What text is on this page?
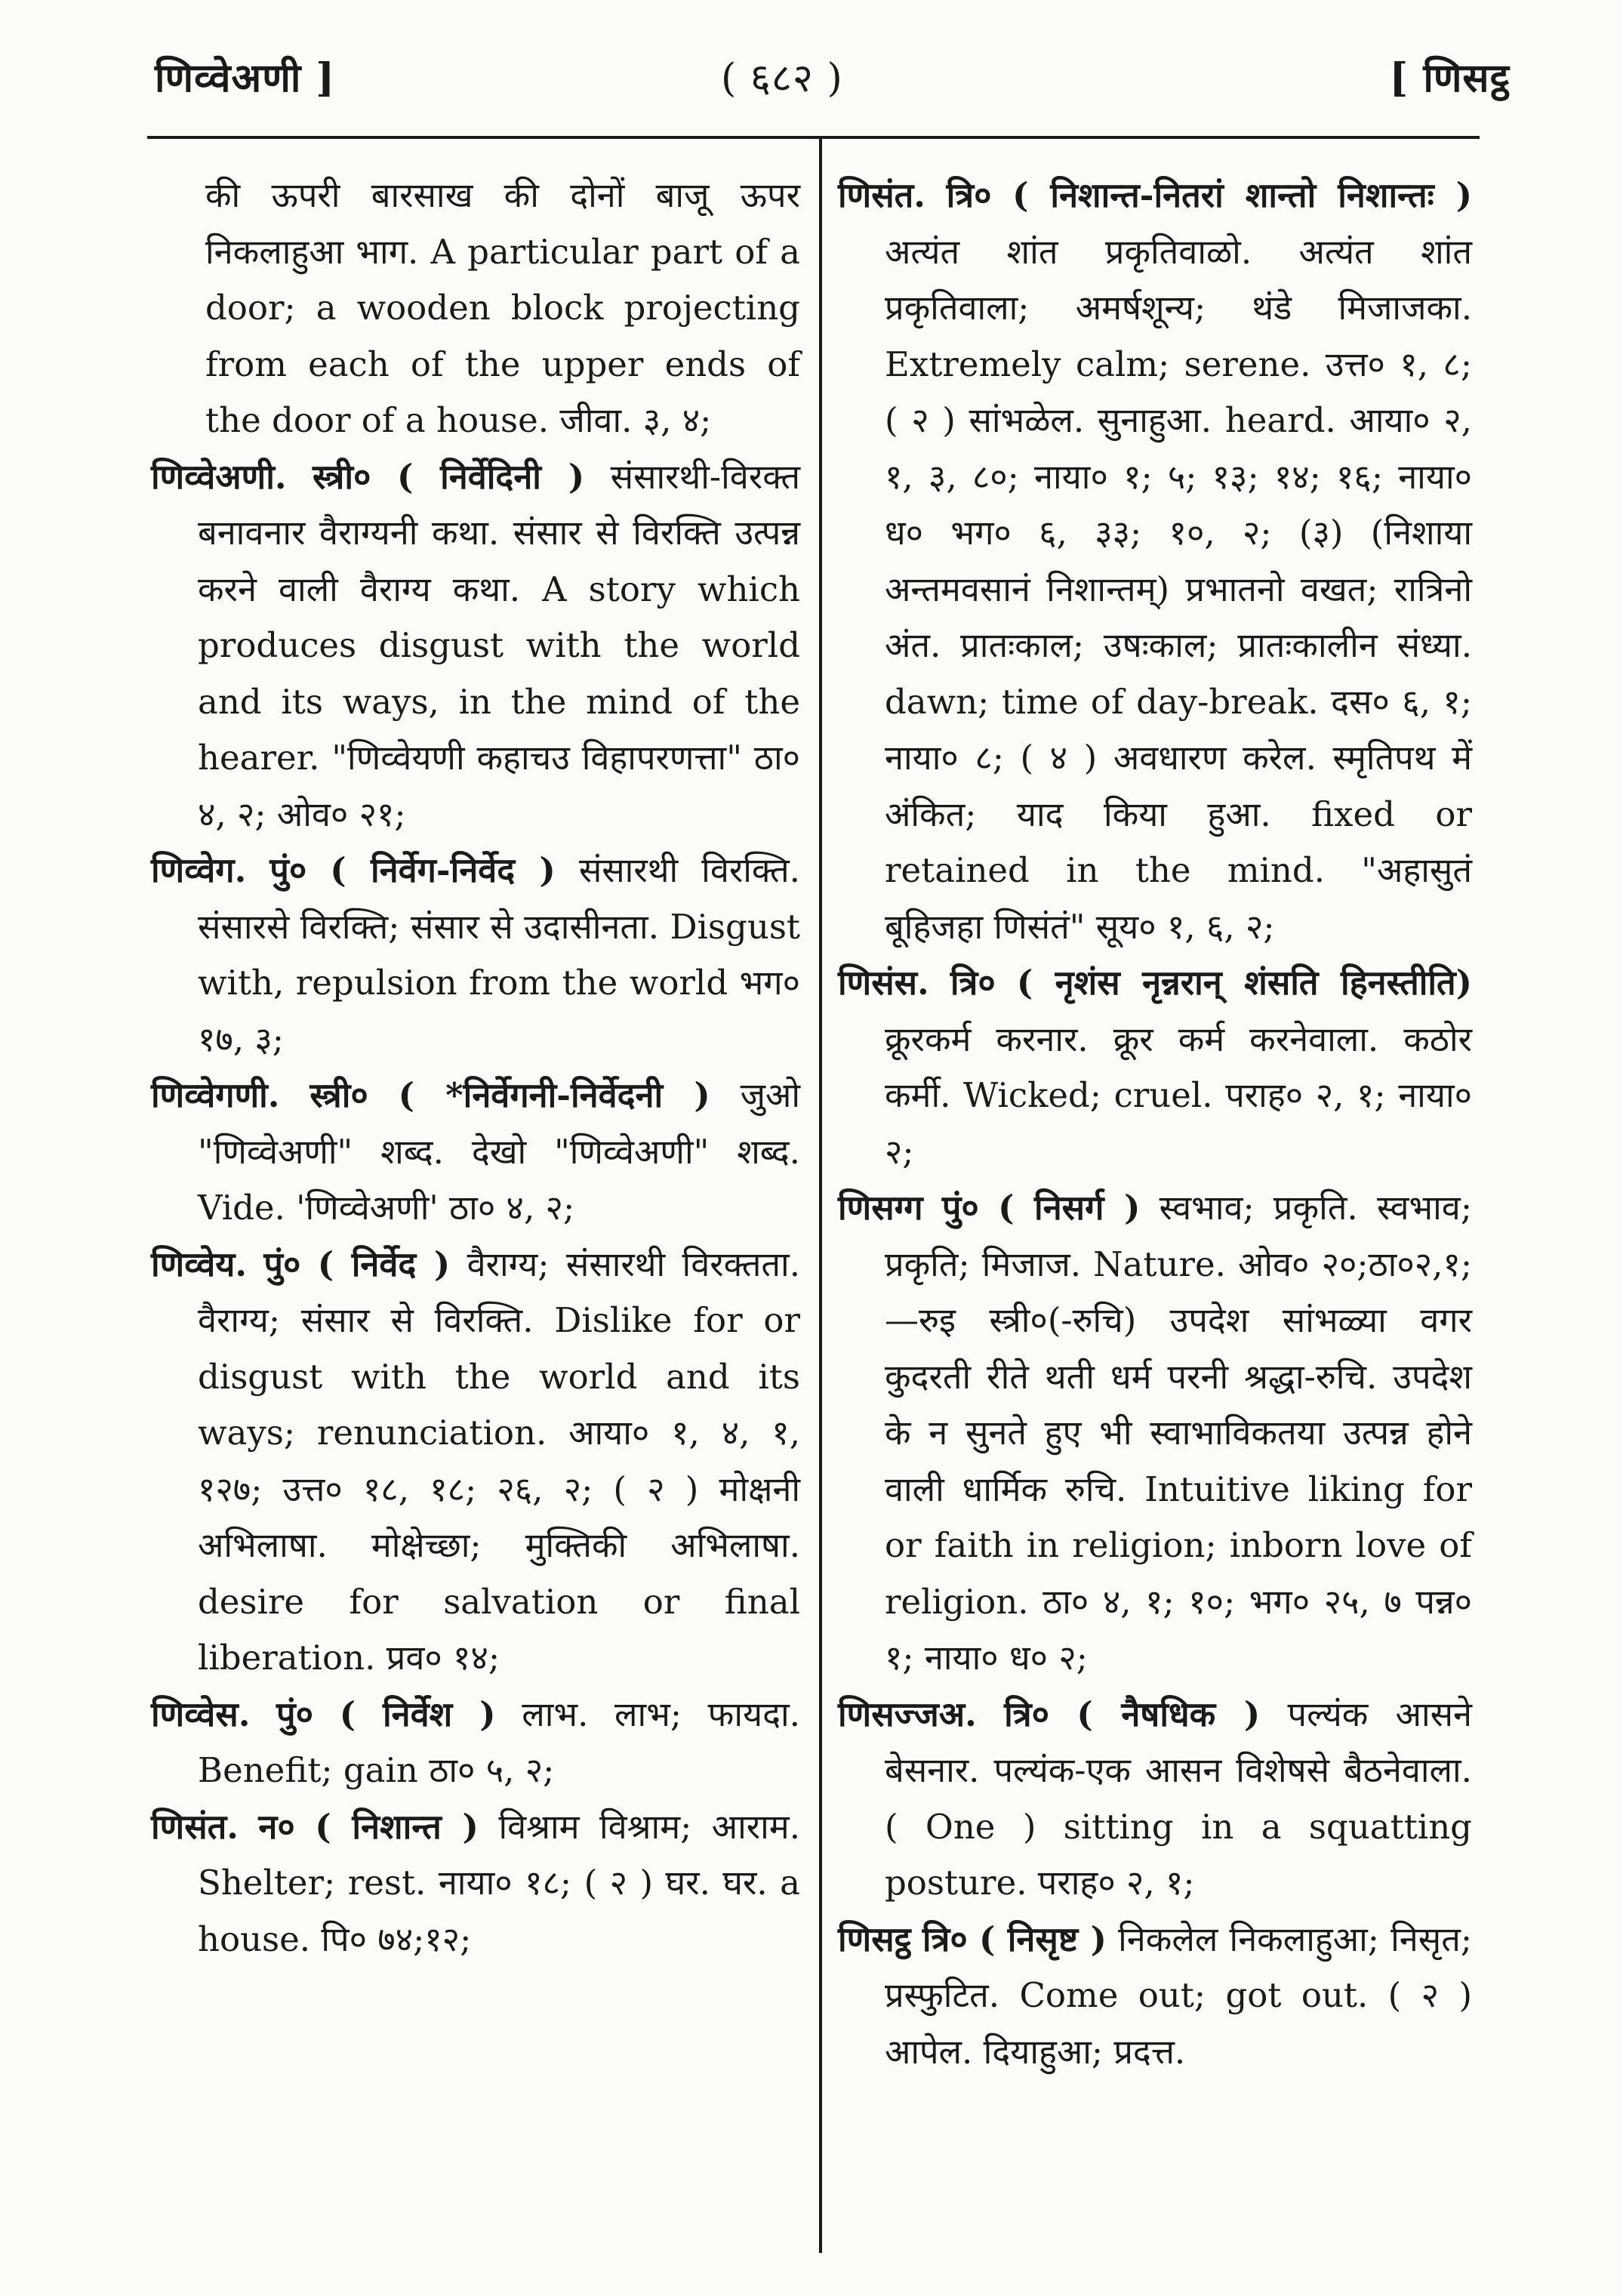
णिव्वेअणी ]	( ६८२ )	[ णिसट्ठ
की ऊपरी बारसाख की दोनों बाजू ऊपर निकलाहुआ भाग. A particular part of a door; a wooden block projecting from each of the upper ends of the door of a house. जीवा. ३, ४;
णिव्वेअणी. स्त्री० ( निर्वेदिनी ) संसारथी-विरक्त बनावनार वैराग्यनी कथा. संसार से विरक्ति उत्पन्न करने वाली वैराग्य कथा. A story which produces disgust with the world and its ways, in the mind of the hearer. "णिव्वेयणी कहाचउ विहापरणत्ता" ठा० ४, २; ओव० २१;
णिव्वेग. पुं० ( निर्वेग-निर्वेद ) संसारथी विरक्ति. संसारसे विरक्ति; संसार से उदासीनता. Disgust with, repulsion from the world भग० १७, ३;
णिव्वेगणी. स्त्री० ( *निर्वेगनी-निर्वेदनी ) जुओ "णिव्वेअणी" शब्द. देखो "णिव्वेअणी" शब्द. Vide. 'णिव्वेअणी' ठा० ४, २;
णिव्वेय. पुं० ( निर्वेद ) वैराग्य; संसारथी विरक्तता. वैराग्य; संसार से विरक्ति. Dislike for or disgust with the world and its ways; renunciation. आया० १, ४, १, १२७; उत्त० १८, १८; २६, २; ( २ ) मोक्षनी अभिलाषा. मोक्षेच्छा; मुक्तिकी अभिलाषा. desire for salvation or final liberation. प्रव० १४;
णिव्वेस. पुं० ( निर्वेश ) लाभ. लाभ; फायदा. Benefit; gain ठा० ५, २;
णिसंत. न० ( निशान्त ) विश्राम विश्राम; आराम. Shelter; rest. नाया० १८; ( २ ) घर. घर. a house. पि० ७४;१२;
णिसंत. त्रि० ( निशान्त-नितरां शान्तो निशान्तः ) अत्यंत शांत प्रकृतिवाळो. अत्यंत शांत प्रकृतिवाला; अमर्षशून्य; थंडे मिजाजका. Extremely calm; serene. उत्त० १, ८; ( २ ) सांभळेल. सुनाहुआ. heard. आया० २, १, ३, ८०; नाया० १; ५; १३; १४; १६; नाया० ध० भग० ६, ३३; १०, २; (३) (निशाया अन्तमवसानं निशान्तम्) प्रभातनो वखत; रात्रिनो अंत. प्रातःकाल; उषःकाल; प्रातःकालीन संध्या. dawn; time of day-break. दस० ६, १; नाया० ८; ( ४ ) अवधारण करेल. स्मृतिपथ में अंकित; याद किया हुआ. fixed or retained in the mind. "अहासुतं बूहिजहा णिसंतं" सूय० १, ६, २;
णिसंस. त्रि० ( नृशंस नृन्नरान् शंसति हिनस्तीति) क्रूरकर्म करनार. क्रूर कर्म करनेवाला. कठोर कर्मी. Wicked; cruel. पराह० २, १; नाया० २;
णिसग्ग पुं० ( निसर्ग ) स्वभाव; प्रकृति. स्वभाव; प्रकृति; मिजाज. Nature. ओव० २०;ठा०२,१; —रुइ स्त्री०(-रुचि) उपदेश सांभळ्या वगर कुदरती रीते थती धर्म परनी श्रद्धा-रुचि. उपदेश के न सुनते हुए भी स्वाभाविकतया उत्पन्न होने वाली धार्मिक रुचि. Intuitive liking for or faith in religion; inborn love of religion. ठा० ४, १; १०; भग० २५, ७ पन्न० १; नाया० ध० २;
णिसज्जअ. त्रि० ( नैषधिक ) पल्यंक आसने बेसनार. पल्यंक-एक आसन विशेषसे बैठनेवाला. ( One ) sitting in a squatting posture. पराह० २, १;
णिसट्ठ त्रि० ( निसृष्ट ) निकलेल निकलाहुआ; निसृत; प्रस्फुटित. Come out; got out. ( २ ) आपेल. दियाहुआ; प्रदत्त.
